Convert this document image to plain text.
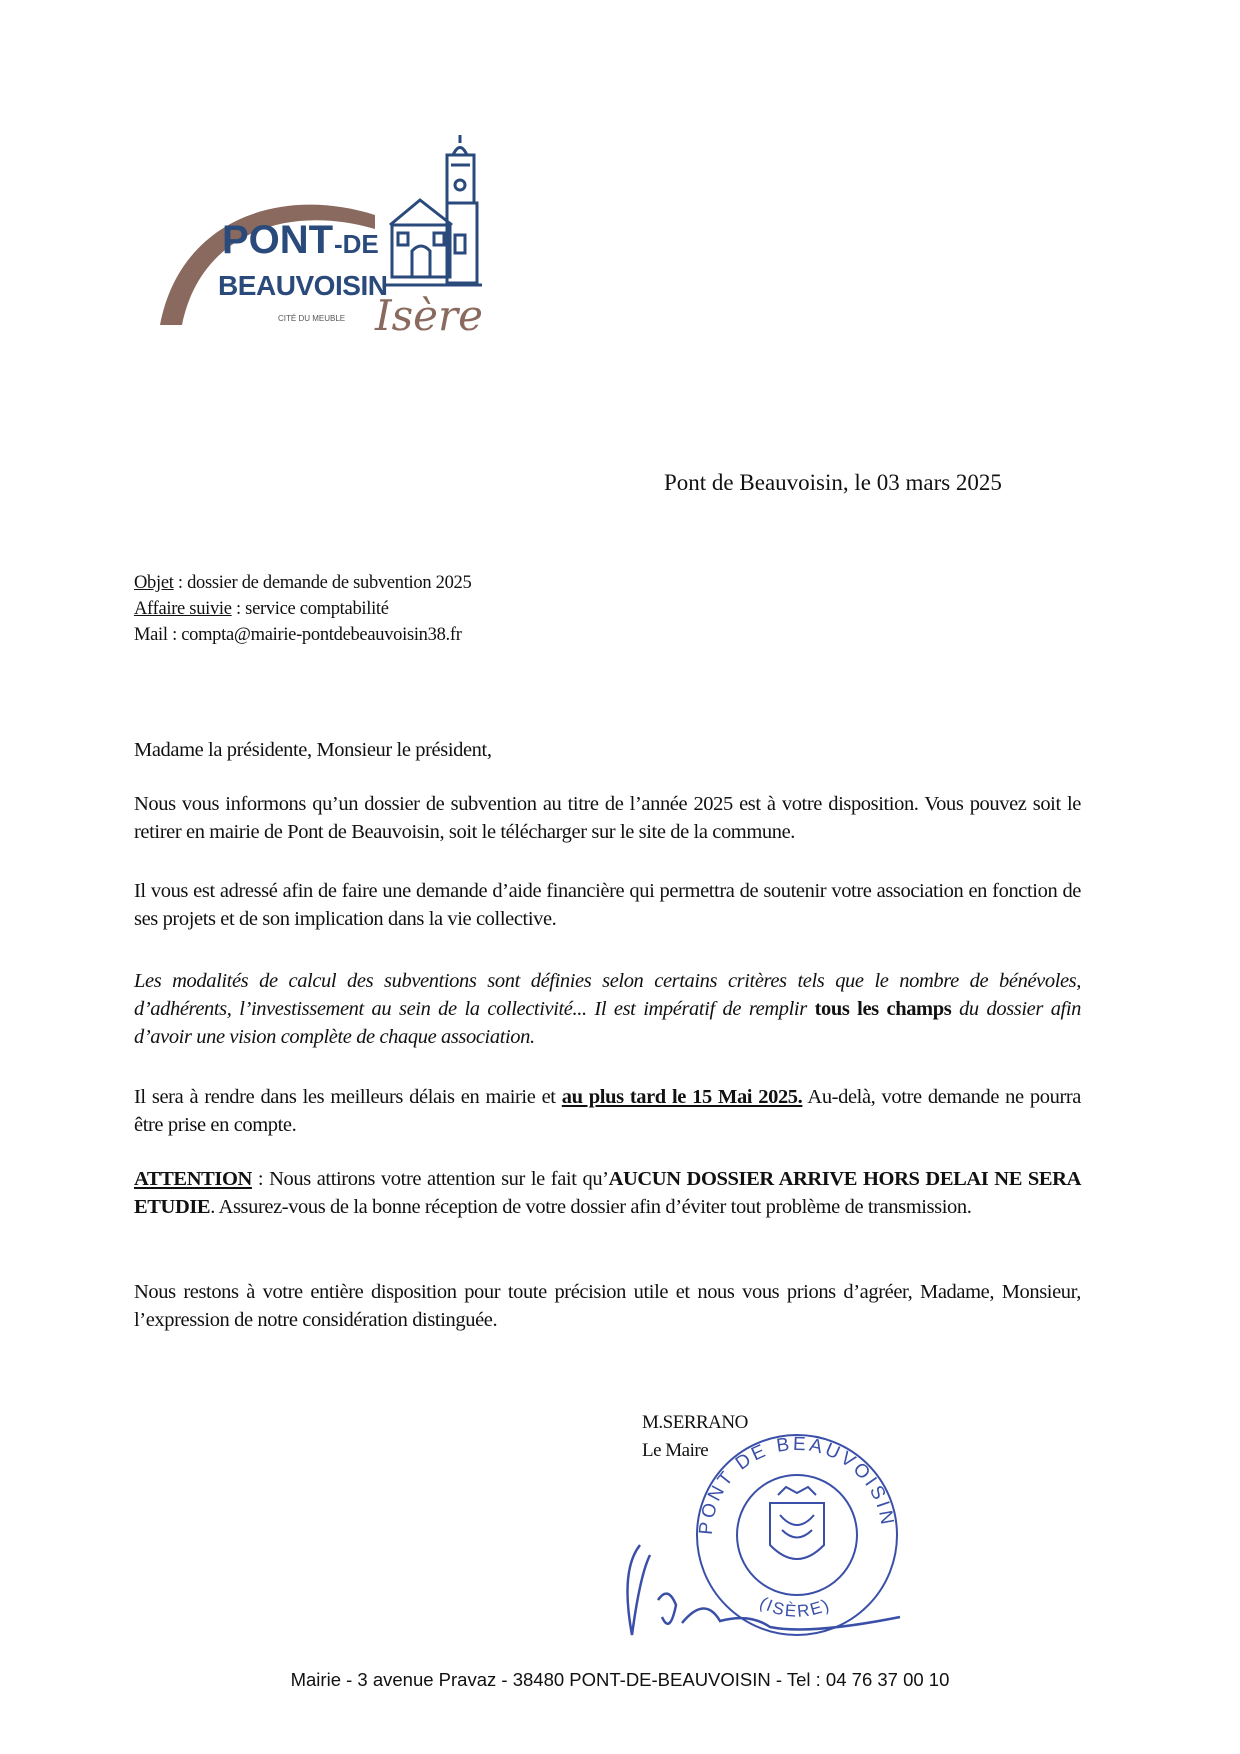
PONT -DE
BEAUVOISIN
CITÉ DU MEUBLE Isère
Pont de Beauvoisin, le 03 mars 2025
Objet : dossier de demande de subvention 2025
Affaire suivie : service comptabilité
Mail : compta@mairie-pontdebeauvoisin38.fr

Madame la présidente, Monsieur le président,

Nous vous informons qu’un dossier de subvention au titre de l’année 2025 est à votre disposition. Vous pouvez soit le retirer en mairie de Pont de Beauvoisin, soit le télécharger sur le site de la commune.

Il vous est adressé afin de faire une demande d’aide financière qui permettra de soutenir votre association en fonction de ses projets et de son implication dans la vie collective.

Les modalités de calcul des subventions sont définies selon certains critères tels que le nombre de bénévoles, d’adhérents, l’investissement au sein de la collectivité... Il est impératif de remplir tous les champs du dossier afin d’avoir une vision complète de chaque association.

Il sera à rendre dans les meilleurs délais en mairie et au plus tard le 15 Mai 2025. Au-delà, votre demande ne pourra être prise en compte.

ATTENTION : Nous attirons votre attention sur le fait qu’AUCUN DOSSIER ARRIVE HORS DELAI NE SERA ETUDIE. Assurez-vous de la bonne réception de votre dossier afin d’éviter tout problème de transmission.

Nous restons à votre entière disposition pour toute précision utile et nous vous prions d’agréer, Madame, Monsieur, l’expression de notre considération distinguée.

PONT DE BEAUVOISIN
(ISÈRE)
M.SERRANO
Le Maire
Mairie - 3 avenue Pravaz - 38480 PONT-DE-BEAUVOISIN - Tel : 04 76 37 00 10
